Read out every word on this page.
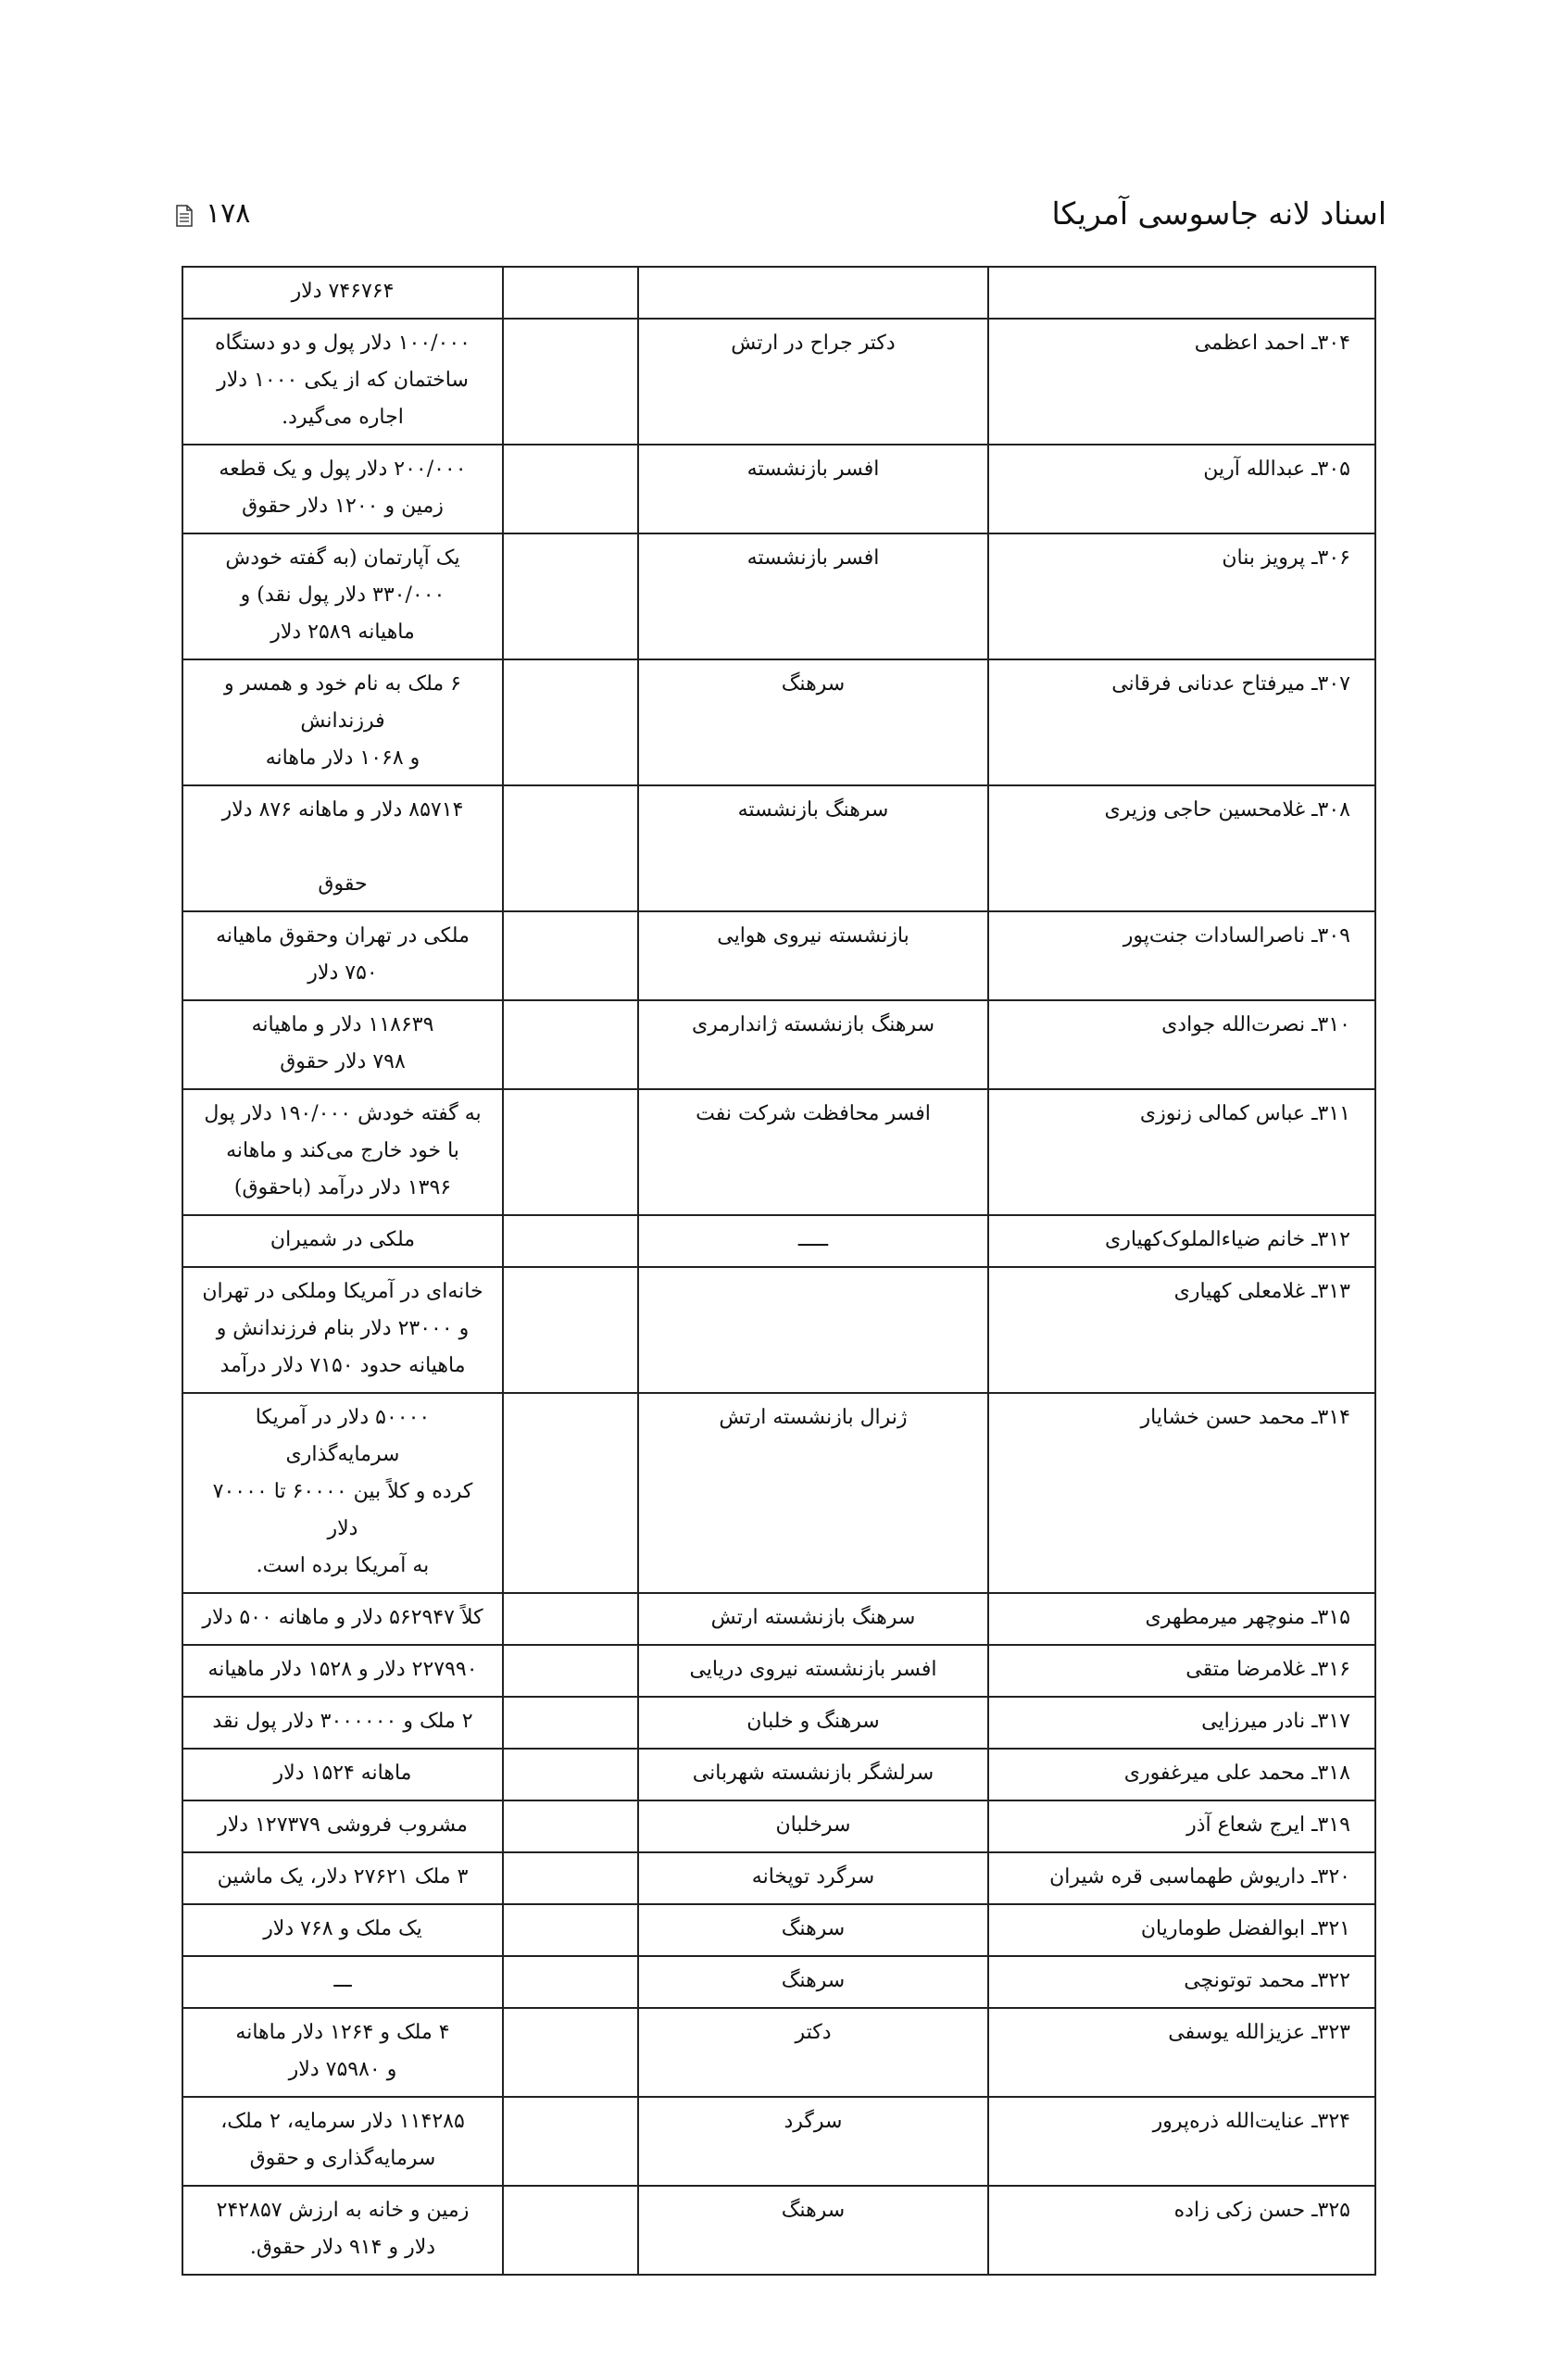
اسناد لانه جاسوسی آمریکا
۱۷۸
			۷۴۶۷۶۴ دلار
۳۰۴ـ احمد اعظمی	دکتر جراح در ارتش		۱۰۰/۰۰۰ دلار پول و دو دستگاه
ساختمان که از یکی ۱۰۰۰ دلار
اجاره می‌گیرد.
۳۰۵ـ عبدالله آرین	افسر بازنشسته		۲۰۰/۰۰۰ دلار پول و یک قطعه
زمین و ۱۲۰۰ دلار حقوق
۳۰۶ـ پرویز بنان	افسر بازنشسته		یک آپارتمان (به گفته خودش
۳۳۰/۰۰۰ دلار پول نقد) و
ماهیانه ۲۵۸۹ دلار
۳۰۷ـ میرفتاح عدنانی فرقانی	سرهنگ		۶ ملک به نام خود و همسر و
فرزندانش
و ۱۰۶۸ دلار ماهانه
۳۰۸ـ غلامحسین حاجی وزیری	سرهنگ بازنشسته		۸۵۷۱۴ دلار و ماهانه ۸۷۶ دلار

حقوق
۳۰۹ـ ناصرالسادات جنت‌پور	بازنشسته نیروی هوایی		ملکی در تهران وحقوق ماهیانه
۷۵۰ دلار
۳۱۰ـ نصرت‌الله جوادی	سرهنگ بازنشسته ژاندارمری		۱۱۸۶۳۹ دلار و ماهیانه
۷۹۸ دلار حقوق
۳۱۱ـ عباس کمالی زنوزی	افسر محافظت شرکت نفت		به گفته خودش ۱۹۰/۰۰۰ دلار پول
با خود خارج می‌کند و ماهانه
۱۳۹۶ دلار درآمد (باحقوق)
۳۱۲ـ خانم ضیاءالملوک‌کهیاری	ـــــ		ملکی در شمیران
۳۱۳ـ غلامعلی کهیاری			خانه‌ای در آمریکا وملکی در تهران
و ۲۳۰۰۰ دلار بنام فرزندانش و
ماهیانه حدود ۷۱۵۰ دلار درآمد
۳۱۴ـ محمد حسن خشایار	ژنرال بازنشسته ارتش		۵۰۰۰۰ دلار در آمریکا سرمایه‌گذاری
کرده و کلاً بین ۶۰۰۰۰ تا ۷۰۰۰۰
دلار
به آمریکا برده است.
۳۱۵ـ منوچهر میرمطهری	سرهنگ بازنشسته ارتش		کلاً ۵۶۲۹۴۷ دلار و ماهانه ۵۰۰ دلار
۳۱۶ـ غلامرضا متقی	افسر بازنشسته نیروی دریایی		۲۲۷۹۹۰ دلار و ۱۵۲۸ دلار ماهیانه
۳۱۷ـ نادر میرزایی	سرهنگ و خلبان		۲ ملک و ۳۰۰۰۰۰۰ دلار پول نقد
۳۱۸ـ محمد علی میرغفوری	سرلشگر بازنشسته شهربانی		ماهانه ۱۵۲۴ دلار
۳۱۹ـ ایرج شعاع آذر	سرخلبان		مشروب فروشی ۱۲۷۳۷۹ دلار
۳۲۰ـ داریوش طهماسبی قره شیران	سرگرد توپخانه		۳ ملک ۲۷۶۲۱ دلار، یک ماشین
۳۲۱ـ ابوالفضل طوماریان	سرهنگ		یک ملک و ۷۶۸ دلار
۳۲۲ـ محمد توتونچی	سرهنگ		ـــ
۳۲۳ـ عزیزالله یوسفی	دکتر		۴ ملک و ۱۲۶۴ دلار ماهانه
و ۷۵۹۸۰ دلار
۳۲۴ـ عنایت‌الله ذره‌پرور	سرگرد		۱۱۴۲۸۵ دلار سرمایه، ۲ ملک،
سرمایه‌گذاری و حقوق
۳۲۵ـ حسن زکی زاده	سرهنگ		زمین و خانه به ارزش ۲۴۲۸۵۷
دلار و ۹۱۴ دلار حقوق.
